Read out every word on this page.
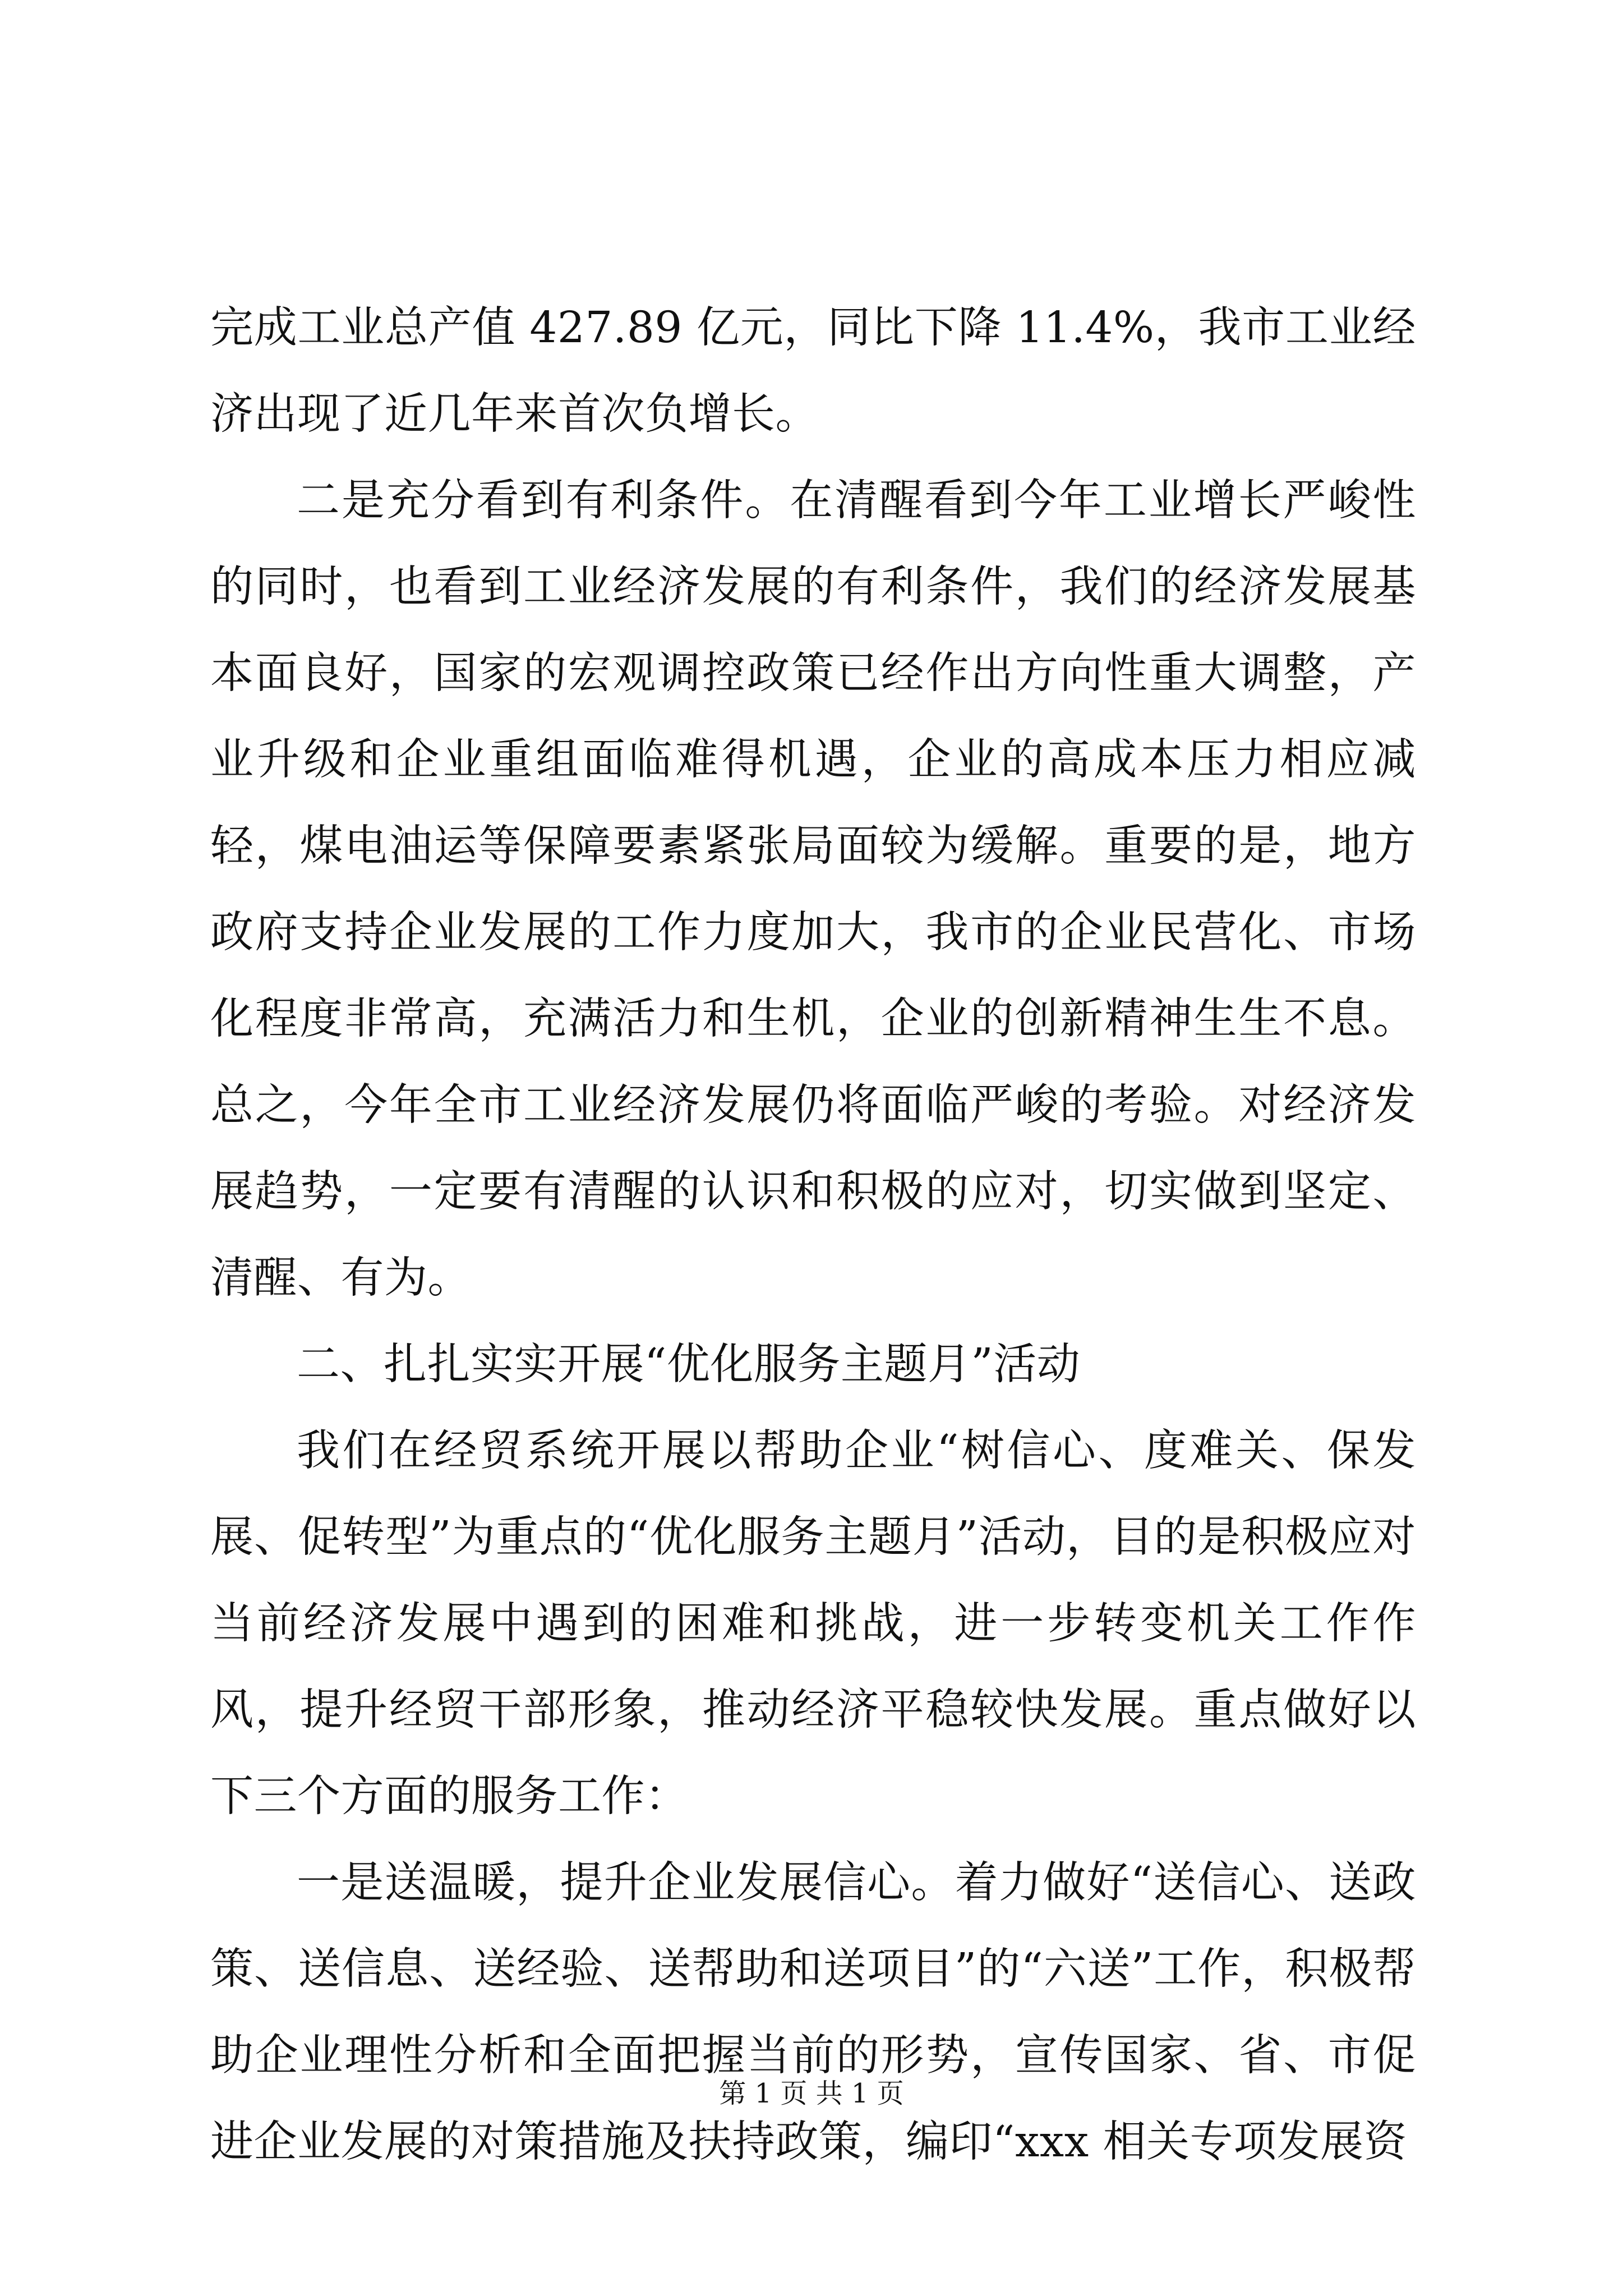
完成工业总产值 427.89 亿元，同比下降 11.4%，我市工业经济出现了近几年来首次负增长。

二是充分看到有利条件。在清醒看到今年工业增长严峻性的同时，也看到工业经济发展的有利条件，我们的经济发展基本面良好，国家的宏观调控政策已经作出方向性重大调整，产业升级和企业重组面临难得机遇，企业的高成本压力相应减轻，煤电油运等保障要素紧张局面较为缓解。重要的是，地方政府支持企业发展的工作力度加大，我市的企业民营化、市场化程度非常高，充满活力和生机，企业的创新精神生生不息。总之，今年全市工业经济发展仍将面临严峻的考验。对经济发展趋势，一定要有清醒的认识和积极的应对，切实做到坚定、清醒、有为。

二、扎扎实实开展“优化服务主题月”活动

我们在经贸系统开展以帮助企业“树信心、度难关、保发展、促转型”为重点的“优化服务主题月”活动，目的是积极应对当前经济发展中遇到的困难和挑战，进一步转变机关工作作风，提升经贸干部形象，推动经济平稳较快发展。重点做好以下三个方面的服务工作：

一是送温暖，提升企业发展信心。着力做好“送信心、送政策、送信息、送经验、送帮助和送项目”的“六送”工作，积极帮助企业理性分析和全面把握当前的形势，宣传国家、省、市促进企业发展的对策措施及扶持政策，编印“xxx 相关专项发展资

第 1 页 共 1 页
